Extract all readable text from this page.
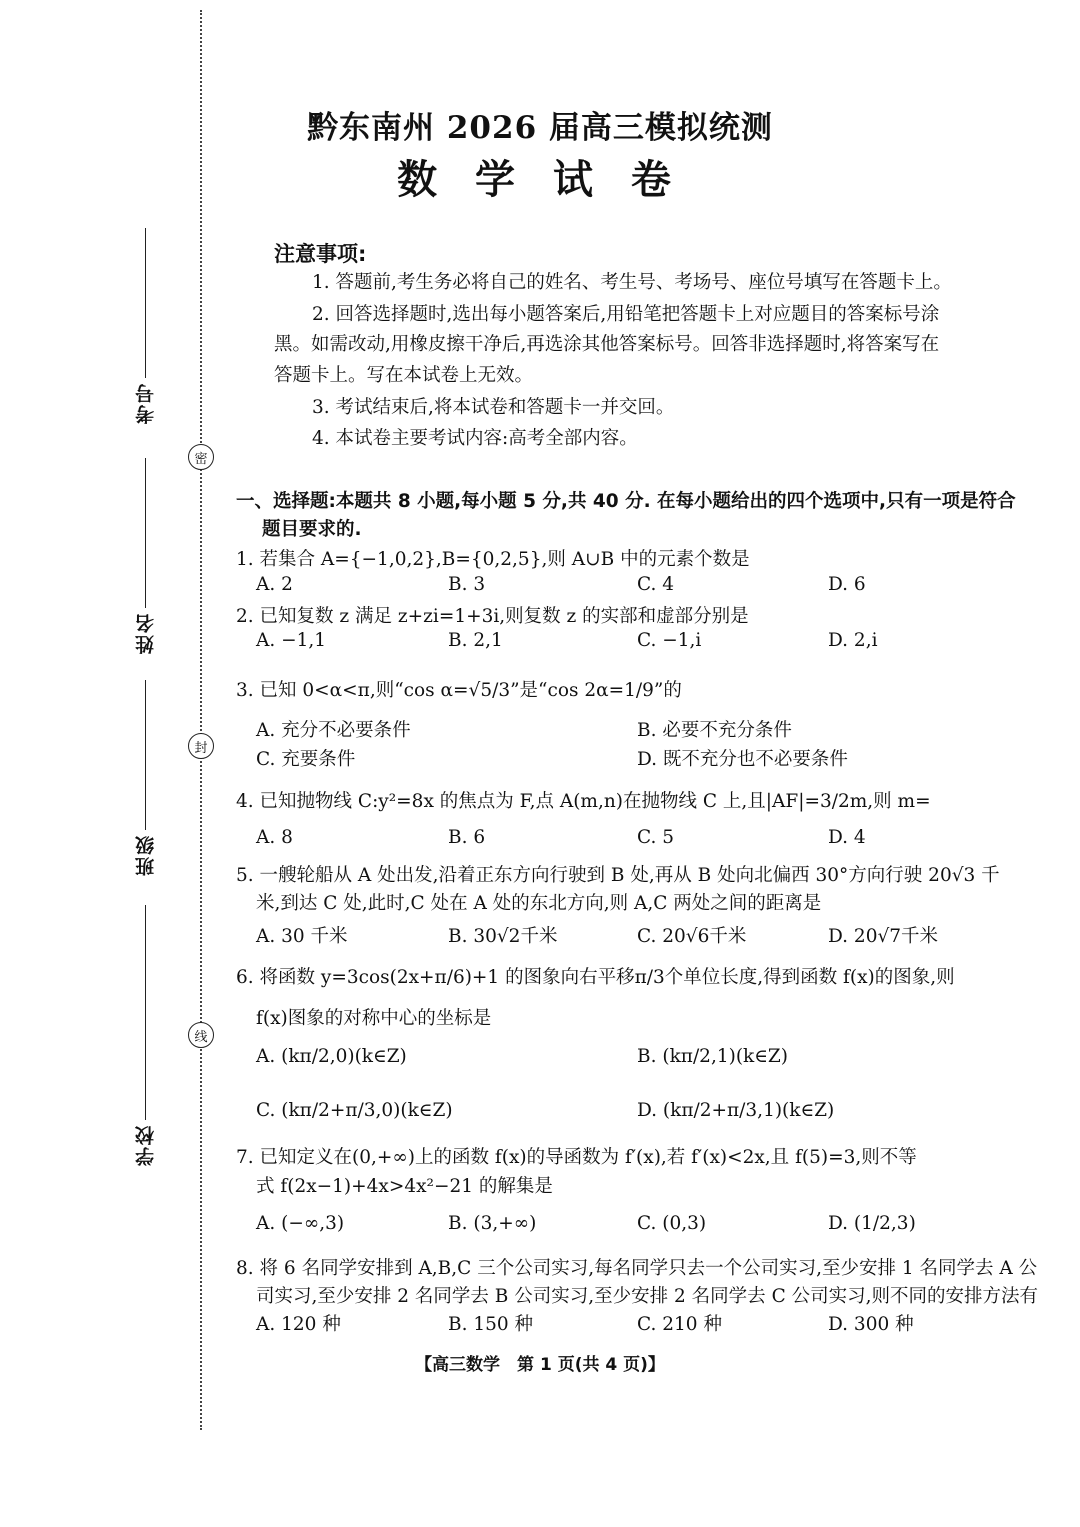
密
封
线
考号
姓名
班级
学校
黔东南州 2026 届高三模拟统测
数 学 试 卷
注意事项:
1. 答题前,考生务必将自己的姓名、考生号、考场号、座位号填写在答题卡上。
2. 回答选择题时,选出每小题答案后,用铅笔把答题卡上对应题目的答案标号涂
黑。如需改动,用橡皮擦干净后,再选涂其他答案标号。回答非选择题时,将答案写在
答题卡上。写在本试卷上无效。
3. 考试结束后,将本试卷和答题卡一并交回。
4. 本试卷主要考试内容:高考全部内容。
一、选择题:本题共 8 小题,每小题 5 分,共 40 分. 在每小题给出的四个选项中,只有一项是符合
题目要求的.
1. 若集合 A={−1,0,2},B={0,2,5},则 A∪B 中的元素个数是
A. 2	B. 3	C. 4	D. 6
2. 已知复数 z 满足 z+zi=1+3i,则复数 z 的实部和虚部分别是
A. −1,1	B. 2,1	C. −1,i	D. 2,i
3. 已知 0<α<π,则“cos α=√5/3”是“cos 2α=1/9”的
A. 充分不必要条件	B. 必要不充分条件
C. 充要条件	D. 既不充分也不必要条件
4. 已知抛物线 C:y²=8x 的焦点为 F,点 A(m,n)在抛物线 C 上,且|AF|=3/2m,则 m=
A. 8	B. 6	C. 5	D. 4
5. 一艘轮船从 A 处出发,沿着正东方向行驶到 B 处,再从 B 处向北偏西 30°方向行驶 20√3 千
米,到达 C 处,此时,C 处在 A 处的东北方向,则 A,C 两处之间的距离是
A. 30 千米	B. 30√2千米	C. 20√6千米	D. 20√7千米
6. 将函数 y=3cos(2x+π/6)+1 的图象向右平移π/3个单位长度,得到函数 f(x)的图象,则
f(x)图象的对称中心的坐标是
A. (kπ/2,0)(k∈Z)	B. (kπ/2,1)(k∈Z)
C. (kπ/2+π/3,0)(k∈Z)	D. (kπ/2+π/3,1)(k∈Z)
7. 已知定义在(0,+∞)上的函数 f(x)的导函数为 f′(x),若 f′(x)<2x,且 f(5)=3,则不等
式 f(2x−1)+4x>4x²−21 的解集是
A. (−∞,3)	B. (3,+∞)	C. (0,3)	D. (1/2,3)
8. 将 6 名同学安排到 A,B,C 三个公司实习,每名同学只去一个公司实习,至少安排 1 名同学去 A 公
司实习,至少安排 2 名同学去 B 公司实习,至少安排 2 名同学去 C 公司实习,则不同的安排方法有
A. 120 种	B. 150 种	C. 210 种	D. 300 种
【高三数学　第 1 页(共 4 页)】
